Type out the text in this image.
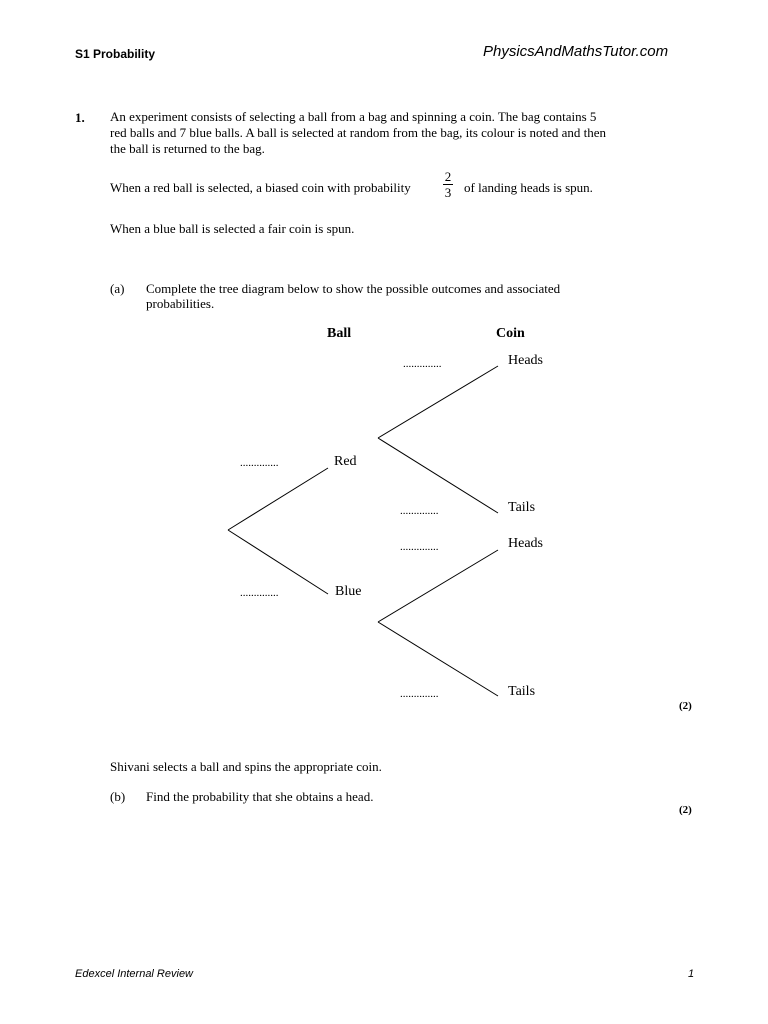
S1 Probability	PhysicsAndMathsTutor.com
1. An experiment consists of selecting a ball from a bag and spinning a coin. The bag contains 5
red balls and 7 blue balls. A ball is selected at random from the bag, its colour is noted and then
the ball is returned to the bag.
When a red ball is selected, a biased coin with probability
2
3 of landing heads is spun.
When a blue ball is selected a fair coin is spun.
(a) Complete the tree diagram below to show the possible outcomes and associated
probabilities.
Ball	Coin
Red
Blue
Heads
Tails
Heads
Tails
..............
..............
..............
..............
..............
..............
(2)
Shivani selects a ball and spins the appropriate coin.
(b) Find the probability that she obtains a head.
(2)
Edexcel Internal Review	1
